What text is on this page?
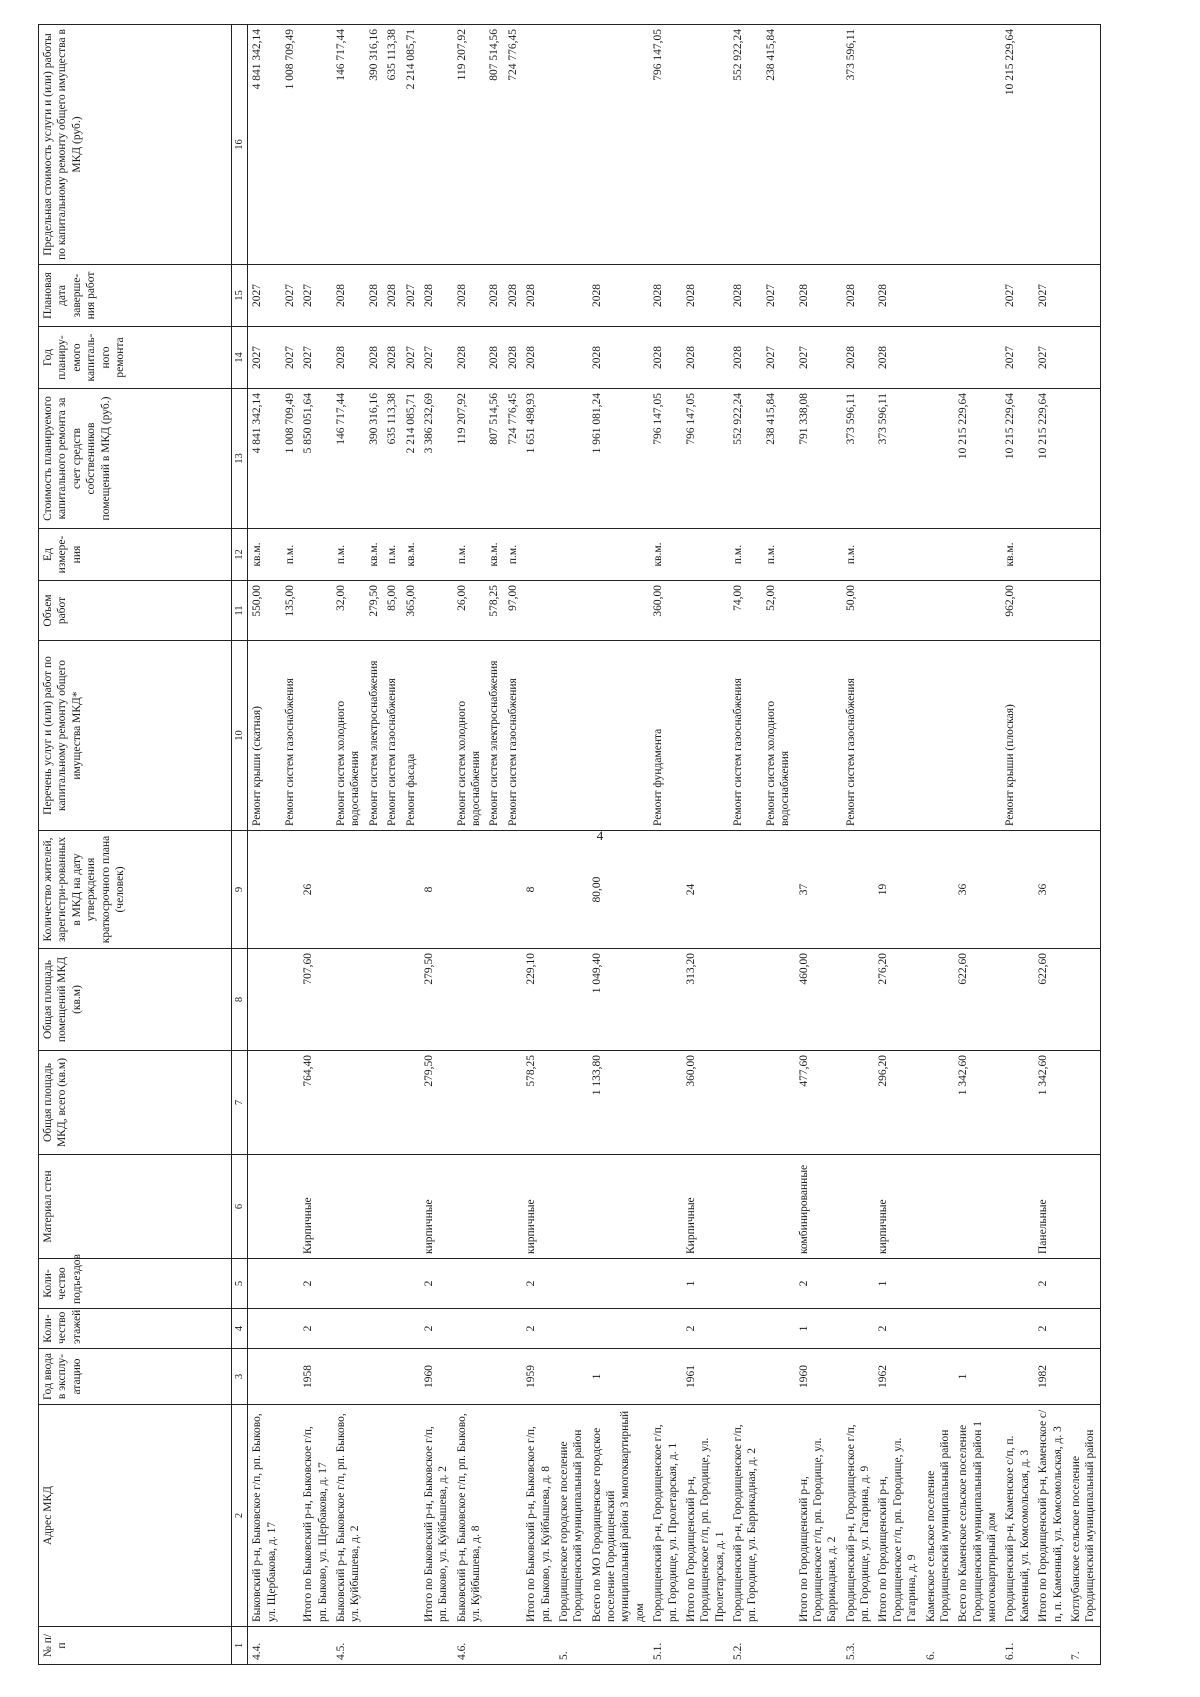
4
№ п/п	Адрес МКД	Год ввода в эксплу-атацию	Коли-чество этажей	Коли-чество подъездов	Материал стен	Общая площадь МКД, всего (кв.м)	Общая площадь помещений МКД (кв.м)	Количество жителей, зарегистри-рованных в МКД на дату утверждения краткосрочного плана (человек)	Перечень услуг и (или) работ по капитальному ремонту общего имущества МКД*	Объем работ	Ед измере-ния	Стоимость планируемого капитального ремонта за счет средств собственников помещений в МКД (руб.)	Год планиру-емого капиталь-ного ремонта	Плановая дата заверше-ния работ	Предельная стоимость услуги и (или) работы по капитальному ремонту общего имущества в МКД (руб.)
1	2	3	4	5	6	7	8	9	10	11	12	13	14	15	16
4.4.	Быковский р-н, Быковское г/п, рп. Быково, ул. Щербакова, д. 17								Ремонт крыши (скатная)	550,00	кв.м.	4 841 342,14	2027	2027	4 841 342,14
									Ремонт систем газоснабжения	135,00	п.м.	1 008 709,49	2027	2027	1 008 709,49
	Итого по Быковский р-н, Быковское г/п, рп. Быково, ул. Щербакова, д. 17	1958	2	2	Кирпичные	764,40	707,60	26				5 850 051,64	2027	2027	
4.5.	Быковский р-н, Быковское г/п, рп. Быково, ул. Куйбышева, д. 2								Ремонт систем холодного водоснабжения	32,00	п.м.	146 717,44	2028	2028	146 717,44
									Ремонт систем электроснабжения	279,50	кв.м.	390 316,16	2028	2028	390 316,16
									Ремонт систем газоснабжения	85,00	п.м.	635 113,38	2028	2028	635 113,38
									Ремонт фасада	365,00	кв.м.	2 214 085,71	2027	2027	2 214 085,71
	Итого по Быковский р-н, Быковское г/п, рп. Быково, ул. Куйбышева, д. 2	1960	2	2	кирпичные	279,50	279,50	8				3 386 232,69	2027	2028	
4.6.	Быковский р-н, Быковское г/п, рп. Быково, ул. Куйбышева, д. 8								Ремонт систем холодного водоснабжения	26,00	п.м.	119 207,92	2028	2028	119 207,92
									Ремонт систем электроснабжения	578,25	кв.м.	807 514,56	2028	2028	807 514,56
									Ремонт систем газоснабжения	97,00	п.м.	724 776,45	2028	2028	724 776,45
	Итого по Быковский р-н, Быковское г/п, рп. Быково, ул. Куйбышева, д. 8	1959	2	2	кирпичные	578,25	229,10	8				1 651 498,93	2028	2028	
5.	Городищенское городское поселение Городищенский муниципальный район														
	Всего по МО Городищенское городское поселение Городищенский муниципальный район 3 многоквартирный дом	1				1 133,80	1 049,40	80,00				1 961 081,24	2028	2028	
5.1.	Городищенский р-н, Городищенское г/п, рп. Городище, ул. Пролетарская, д. 1								Ремонт фундамента	360,00	кв.м.	796 147,05	2028	2028	796 147,05
	Итого по Городищенский р-н, Городищенское г/п, рп. Городище, ул. Пролетарская, д. 1	1961	2	1	Кирпичные	360,00	313,20	24				796 147,05	2028	2028	
5.2.	Городищенский р-н, Городищенское г/п, рп. Городище, ул. Баррикадная, д. 2								Ремонт систем газоснабжения	74,00	п.м.	552 922,24	2028	2028	552 922,24
									Ремонт систем холодного водоснабжения	52,00	п.м.	238 415,84	2027	2027	238 415,84
	Итого по Городищенский р-н, Городищенское г/п, рп. Городище, ул. Баррикадная, д. 2	1960	1	2	комбинированные	477,60	460,00	37				791 338,08	2027	2028	
5.3.	Городищенский р-н, Городищенское г/п, рп. Городище, ул. Гагарина, д. 9								Ремонт систем газоснабжения	50,00	п.м.	373 596,11	2028	2028	373 596,11
	Итого по Городищенский р-н, Городищенское г/п, рп. Городище, ул. Гагарина, д. 9	1962	2	1	кирпичные	296,20	276,20	19				373 596,11	2028	2028	
6.	Каменское сельское поселение Городищенский муниципальный район														
	Всего по Каменское сельское поселение Городищенский муниципальный район 1 многоквартирный дом	1				1 342,60	622,60	36				10 215 229,64			
6.1.	Городищенский р-н, Каменское с/п, п. Каменный, ул. Комсомольская, д. 3								Ремонт крыши (плоская)	962,00	кв.м.	10 215 229,64	2027	2027	10 215 229,64
	Итого по Городищенский р-н, Каменское с/п, п. Каменный, ул. Комсомольская, д. 3	1982	2	2	Панельные	1 342,60	622,60	36				10 215 229,64	2027	2027	
7.	Котлубанское сельское поселение Городищенский муниципальный район														
